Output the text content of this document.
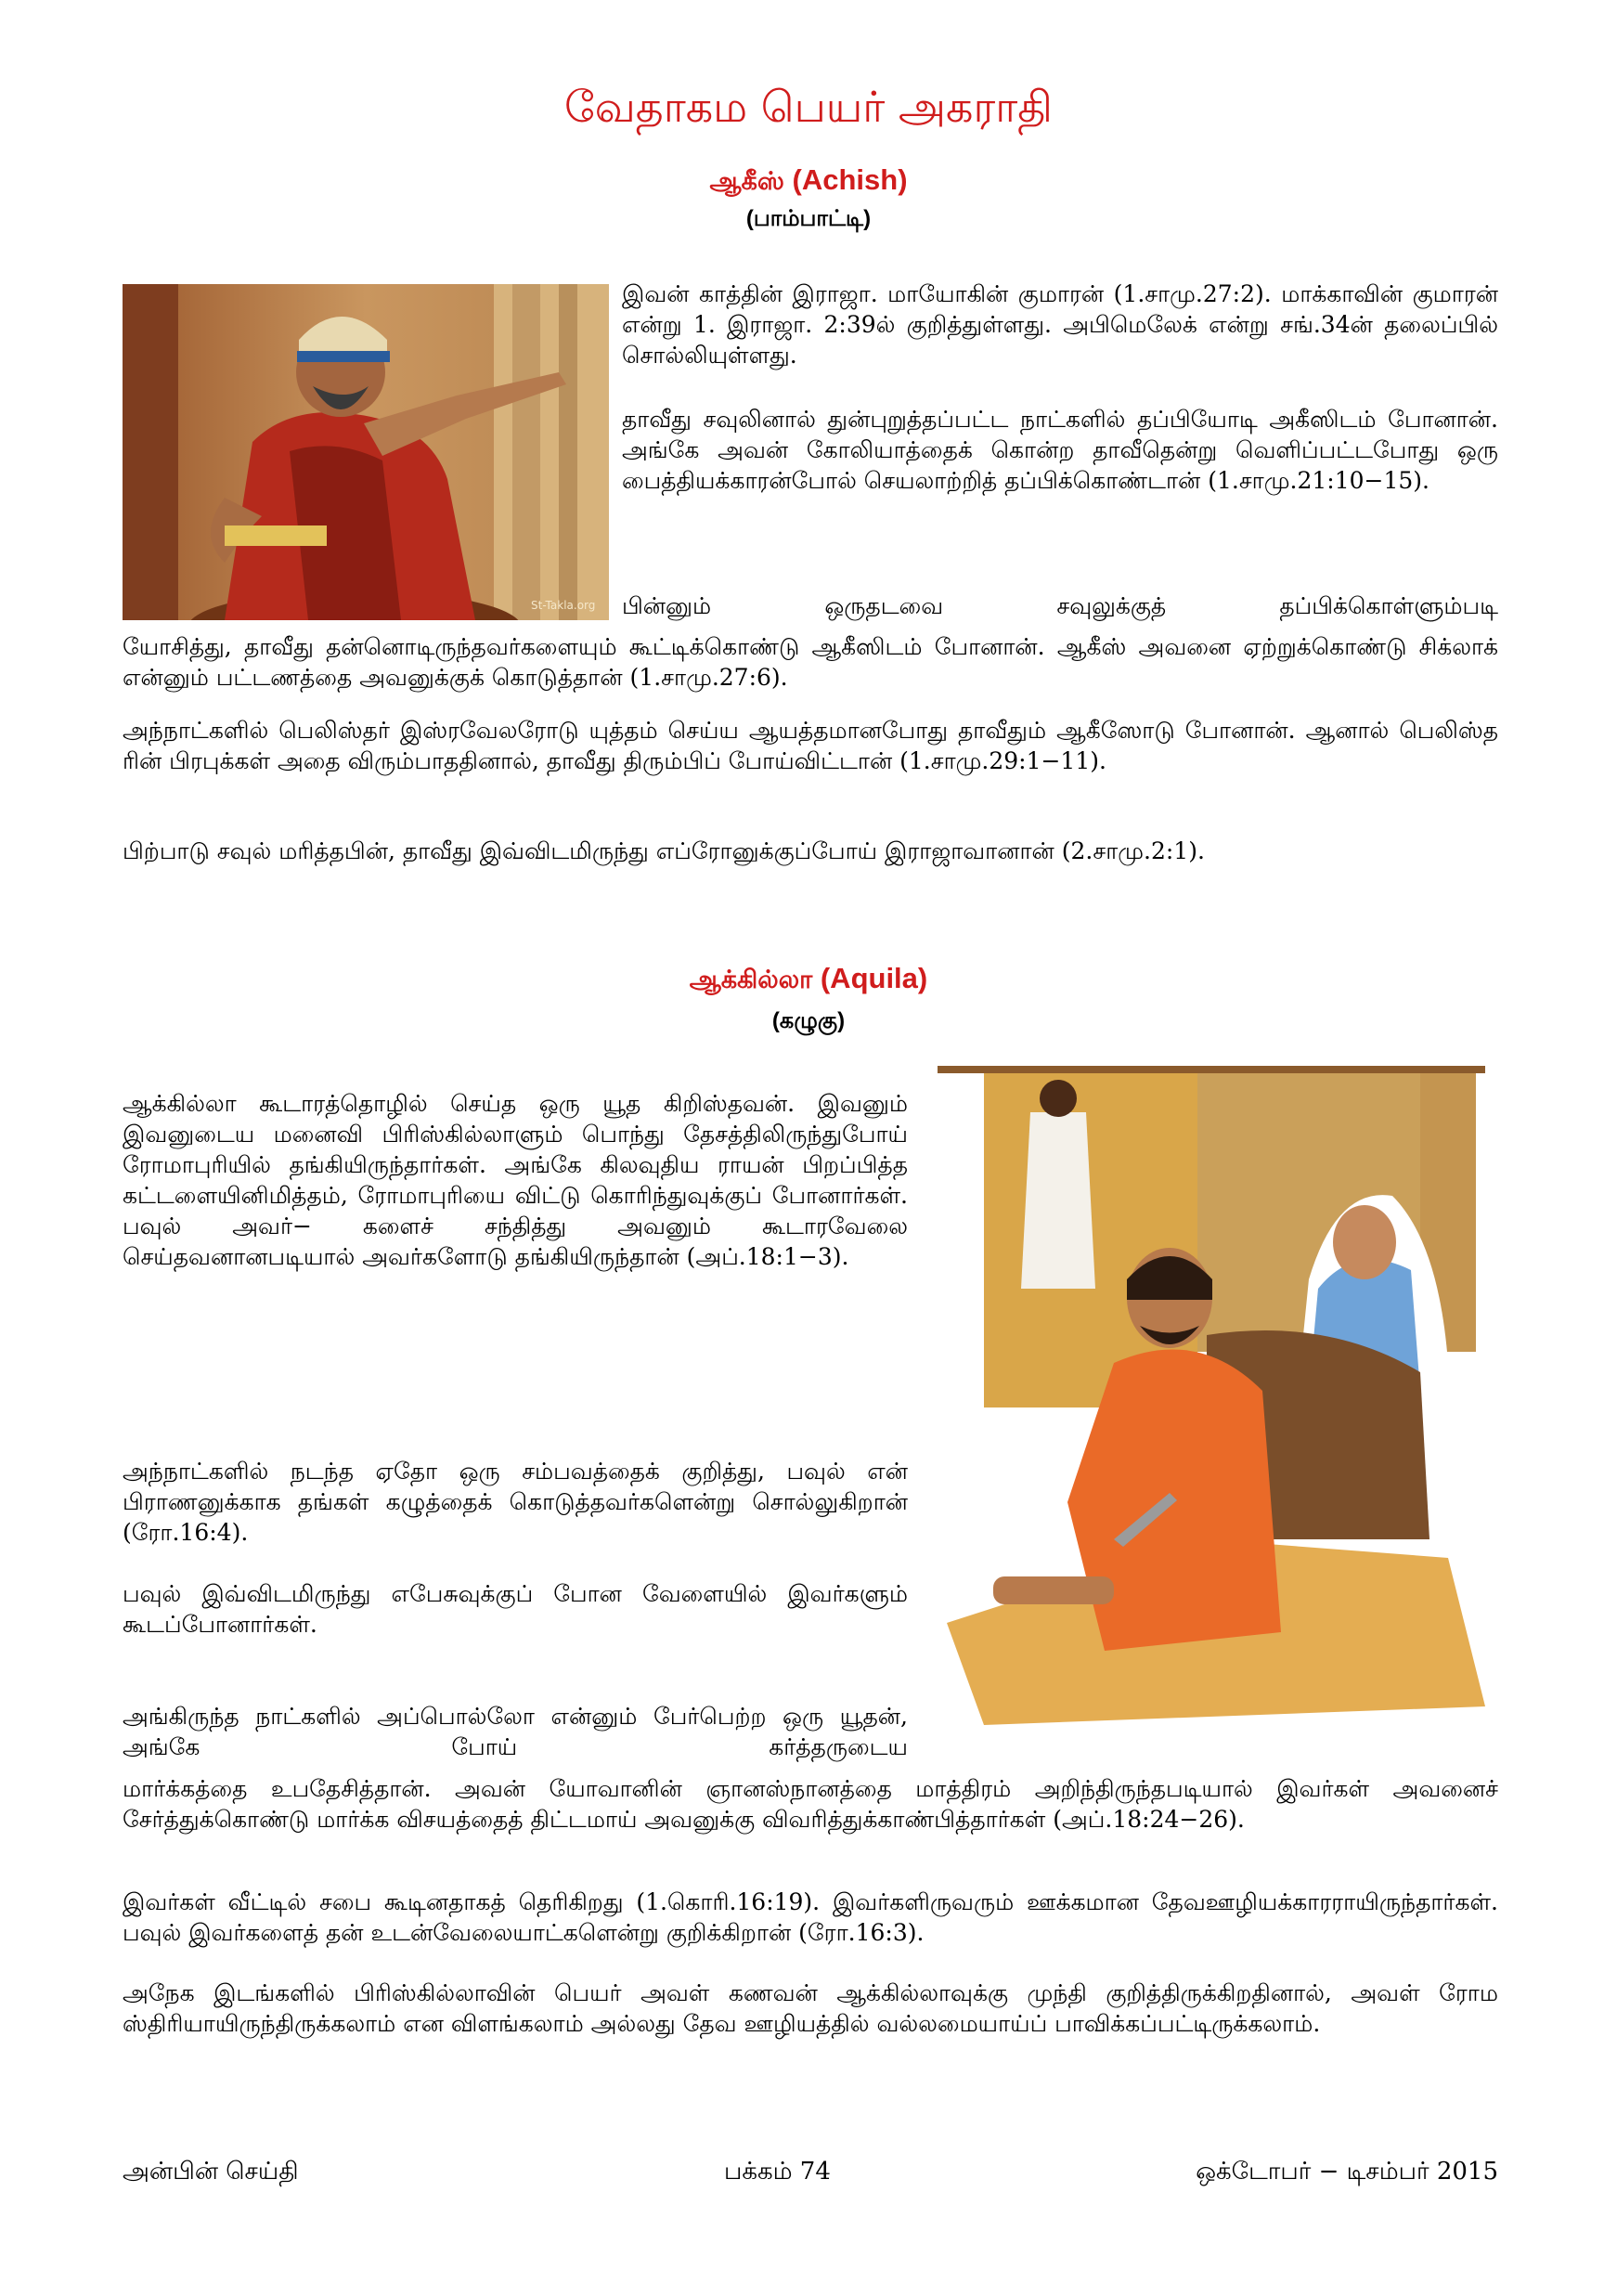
வேதாகம பெயர் அகராதி
ஆகீஸ் (Achish)
(பாம்பாட்டி)
St-Takla.org

இவன் காத்தின் இராஜா. மாயோகின் குமாரன் (1.சாமு.27:2). மாக்காவின் குமாரன் என்று 1. இராஜா. 2:39ல் குறித்துள்ளது. அபிமெலேக் என்று சங்.34ன் தலைப்பில் சொல்லியுள்ளது.

தாவீது சவுலினால் துன்புறுத்தப்பட்ட நாட்களில் தப்பியோடி அகீஸிடம் போனான். அங்கே அவன் கோலியாத்தைக் கொன்ற தாவீதென்று வெளிப்பட்டபோது ஒரு பைத்தியக்காரன்போல் செயலாற்றித் தப்பிக்கொண்டான் (1.சாமு.21:10−15).

பின்னும் ஒருதடவை சவுலுக்குத் தப்பிக்கொள்ளும்படி

யோசித்து, தாவீது தன்னொடிருந்தவர்களையும் கூட்டிக்கொண்டு ஆகீஸிடம் போனான். ஆகீஸ் அவனை ஏற்றுக்கொண்டு சிக்லாக் என்னும் பட்டணத்தை அவனுக்குக் கொடுத்தான் (1.சாமு.27:6).

அந்நாட்களில் பெலிஸ்தர் இஸ்ரவேலரோடு யுத்தம் செய்ய ஆயத்தமானபோது தாவீதும் ஆகீஸோடு போனான். ஆனால் பெலிஸ்த ரின் பிரபுக்கள் அதை விரும்பாததினால், தாவீது திரும்பிப் போய்விட்டான் (1.சாமு.29:1−11).

பிற்பாடு சவுல் மரித்தபின், தாவீது இவ்விடமிருந்து எப்ரோனுக்குப்போய் இராஜாவானான் (2.சாமு.2:1).

ஆக்கில்லா (Aquila)
(கழுகு)

ஆக்கில்லா கூடாரத்தொழில் செய்த ஒரு யூத கிறிஸ்தவன். இவனும் இவனுடைய மனைவி பிரிஸ்கில்லாளும் பொந்து தேசத்திலிருந்துபோய் ரோமாபுரியில் தங்கியிருந்தார்கள். அங்கே கிலவுதிய ராயன் பிறப்பித்த கட்டளையினிமித்தம், ரோமாபுரியை விட்டு கொரிந்துவுக்குப் போனார்கள். பவுல் அவர்− களைச் சந்தித்து அவனும் கூடாரவேலை செய்தவனானபடியால் அவர்களோடு தங்கியிருந்தான் (அப்.18:1−3).

அந்நாட்களில் நடந்த ஏதோ ஒரு சம்பவத்தைக் குறித்து, பவுல் என் பிராணனுக்காக தங்கள் கழுத்தைக் கொடுத்தவர்களென்று சொல்லுகிறான் (ரோ.16:4).

பவுல் இவ்விடமிருந்து எபேசுவுக்குப் போன வேளையில் இவர்களும் கூடப்போனார்கள்.

அங்கிருந்த நாட்களில் அப்பொல்லோ என்னும் பேர்பெற்ற ஒரு யூதன், அங்கே போய் கர்த்தருடைய

மார்க்கத்தை உபதேசித்தான். அவன் யோவானின் ஞானஸ்நானத்தை மாத்திரம் அறிந்திருந்தபடியால் இவர்கள் அவனைச் சேர்த்துக்கொண்டு மார்க்க விசயத்தைத் திட்டமாய் அவனுக்கு விவரித்துக்காண்பித்தார்கள் (அப்.18:24−26).

இவர்கள் வீட்டில் சபை கூடினதாகத் தெரிகிறது (1.கொரி.16:19). இவர்களிருவரும் ஊக்கமான தேவஊழியக்காரராயிருந்தார்கள். பவுல் இவர்களைத் தன் உடன்வேலையாட்களென்று குறிக்கிறான் (ரோ.16:3).

அநேக இடங்களில் பிரிஸ்கில்லாவின் பெயர் அவள் கணவன் ஆக்கில்லாவுக்கு முந்தி குறித்திருக்கிறதினால், அவள் ரோம ஸ்திரியாயிருந்திருக்கலாம் என விளங்கலாம் அல்லது தேவ ஊழியத்தில் வல்லமையாய்ப் பாவிக்கப்பட்டிருக்கலாம்.

அன்பின் செய்தி	பக்கம் 74	ஒக்டோபர் − டிசம்பர் 2015
